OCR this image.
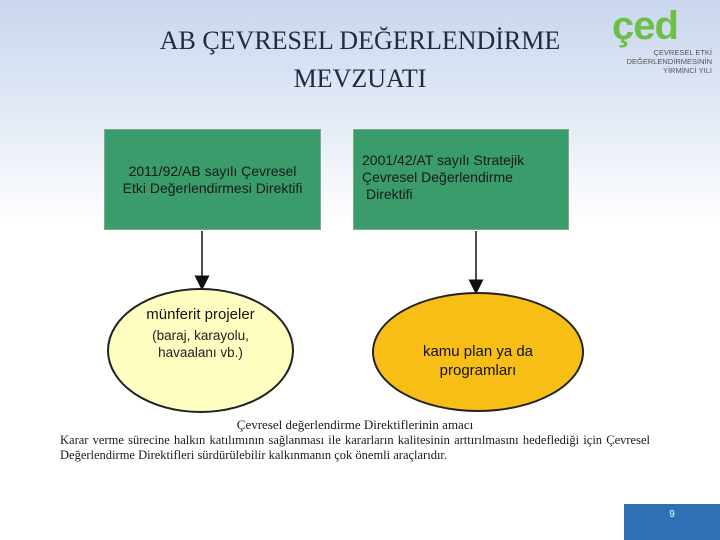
AB ÇEVRESEL DEĞERLENDİRME
MEVZUATI
çed
ÇEVRESEL ETKİ
DEĞERLENDİRMESİNİN
YİRMİNCİ YILI
2011/92/AB sayılı Çevresel
Etki Değerlendirmesi Direktifi
2001/42/AT sayılı Stratejik
Çevresel Değerlendirme
Direktifi
münferit projeler
(baraj, karayolu, havaalanı vb.)	kamu plan ya da programları
Çevresel değerlendirme Direktiflerinin amacı
Karar verme sürecine halkın katılımının sağlanması ile kararların kalitesinin arttırılmasını hedeflediği için Çevresel Değerlendirme Direktifleri sürdürülebilir kalkınmanın çok önemli araçlarıdır.
9
